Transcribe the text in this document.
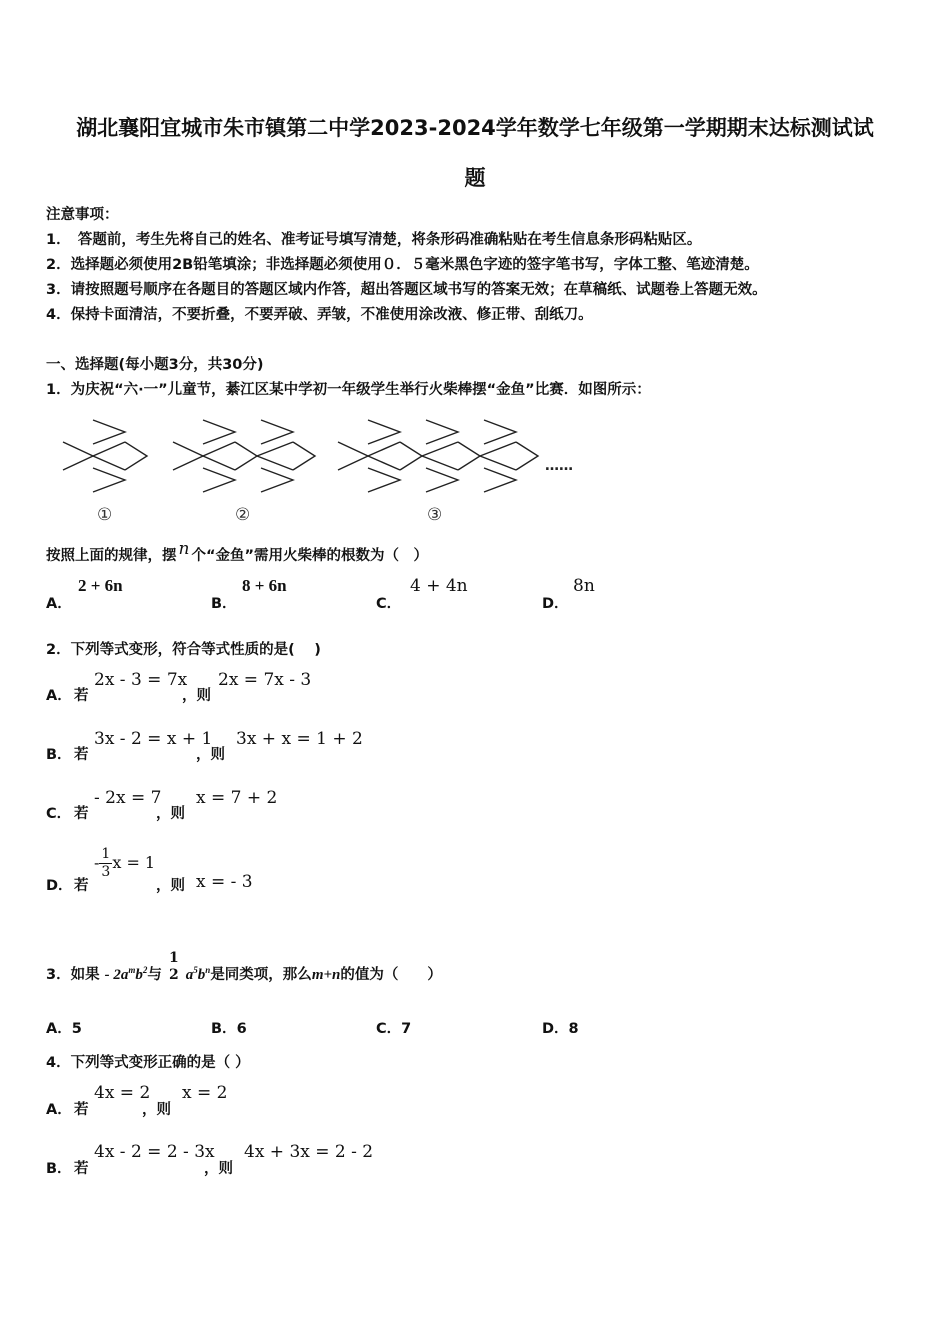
湖北襄阳宜城市朱市镇第二中学2023-2024学年数学七年级第一学期期末达标测试试
题
注意事项：
1．　答题前，考生先将自己的姓名、准考证号填写清楚，将条形码准确粘贴在考生信息条形码粘贴区。
2．选择题必须使用2B铅笔填涂；非选择题必须使用０．５毫米黑色字迹的签字笔书写，字体工整、笔迹清楚。
3．请按照题号顺序在各题目的答题区域内作答，超出答题区域书写的答案无效；在草稿纸、试题卷上答题无效。
4．保持卡面清洁，不要折叠，不要弄破、弄皱，不准使用涂改液、修正带、刮纸刀。
一、选择题(每小题3分，共30分)
1．为庆祝“六·一”儿童节，綦江区某中学初一年级学生举行火柴棒摆“金鱼”比赛．如图所示：
①	②	③
……
按照上面的规律，摆 n 个“金鱼”需用火柴棒的根数为（　）
A．
2 + 6n
B．
8 + 6n
C．
4 + 4n
D．
8n
2．下列等式变形，符合等式性质的是(　 )
A． 若
2x - 3 = 7x
，则
2x = 7x - 3
B． 若
3x - 2 = x + 1
，则
3x + x = 1 + 2
C． 若
- 2x = 7
，则
x = 7 + 2
D． 若
- $\frac{1}{3}$ x = 1
，则 x = - 3
3．如果 - $2a^mb^2$与
1
2 $a^5b^n$是同类项，那么m+n的值为（　　）
A．5	B．6	C．7	D．8
4．下列等式变形正确的是（ ）
A． 若
4x = 2
，则
x = 2
B． 若
4x - 2 = 2 - 3x
，则
4x + 3x = 2 - 2
